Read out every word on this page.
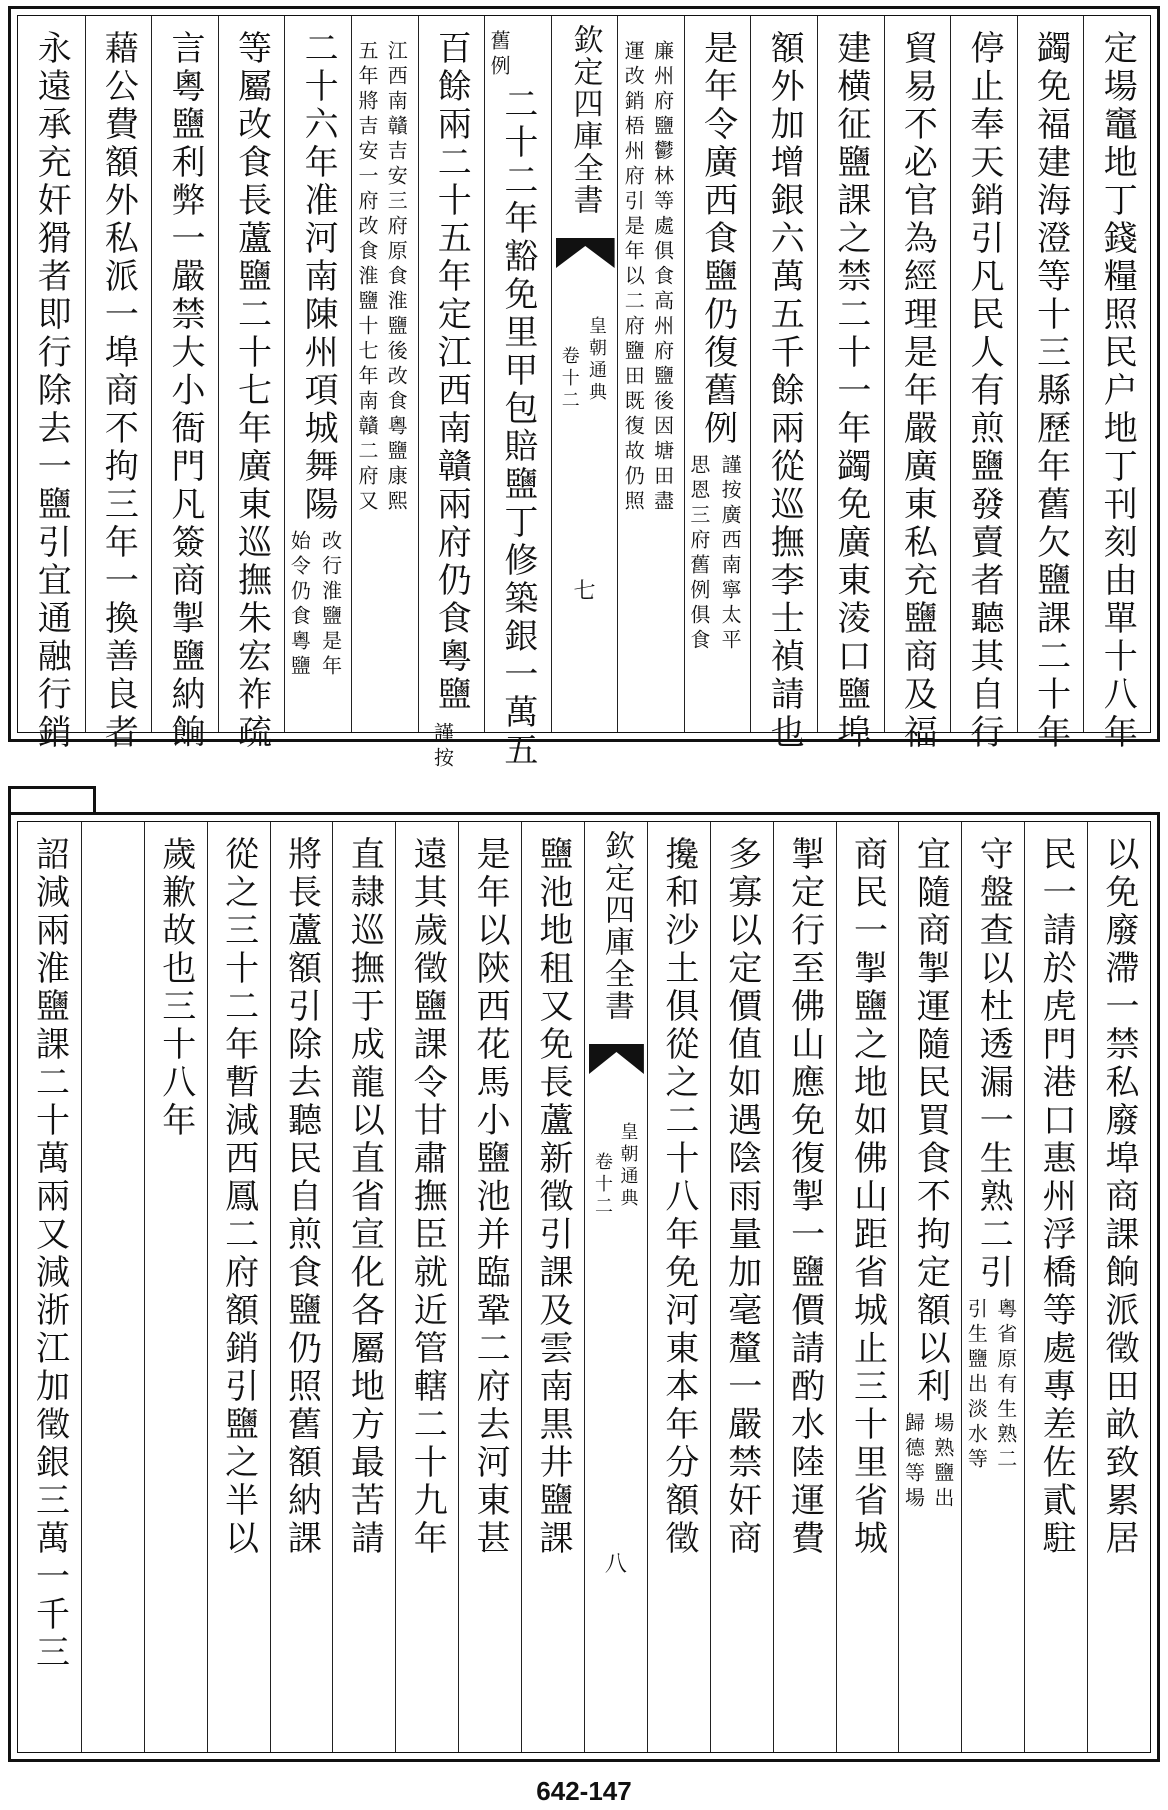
定場竈地丁錢糧照民户地丁刊刻由單十八年
蠲免福建海澄等十三縣歷年舊欠鹽課二十年
停止奉天銷引凡民人有煎鹽發賣者聽其自行
貿易不必官為經理是年嚴廣東私充鹽商及福
建横征鹽課之禁二十一年蠲免廣東淩口鹽埠
額外加增銀六萬五千餘兩從巡撫李士禎請也
是年令廣西食鹽仍復舊例
謹按廣西南寧太平
思恩三府舊例俱食
廉州府鹽鬱林等處俱食高州府鹽後因塘田盡
運改銷梧州府引是年以二府鹽田既復故仍照
欽定四庫全書
皇朝通典
卷十二
七
二十二年豁免里甲包賠鹽丁修築銀一萬五
舊例
百餘兩二十五年定江西南贛兩府仍食粵鹽
謹按
江西南贛吉安三府原食淮鹽後改食粵鹽康熙
五年將吉安一府改食淮鹽十七年南贛二府又
二十六年准河南陳州項城舞陽
改行淮鹽是年
始令仍食粵鹽
等屬改食長蘆鹽二十七年廣東巡撫朱宏祚疏
言粵鹽利弊一嚴禁大小衙門凡簽商掣鹽納餉
藉公費額外私派一埠商不拘三年一換善良者
永遠承充奸猾者即行除去一鹽引宜通融行銷
以免廢滯一禁私廢埠商課餉派徵田畝致累居
民一請於虎門港口惠州浮橋等處專差佐貳駐
守盤查以杜透漏一生熟二引
粵省原有生熟二
引生鹽出淡水等
宜隨商掣運隨民買食不拘定額以利
場熟鹽出
歸德等場
商民一掣鹽之地如佛山距省城止三十里省城
掣定行至佛山應免復掣一鹽價請酌水陸運費
多寡以定價值如遇陰雨量加毫釐一嚴禁奸商
攙和沙土俱從之二十八年免河東本年分額徵
欽定四庫全書
皇朝通典
卷十二
八
鹽池地租又免長蘆新徵引課及雲南黒井鹽課
是年以陝西花馬小鹽池并臨鞏二府去河東甚
遠其歲徵鹽課令甘肅撫臣就近管轄二十九年
直隷巡撫于成龍以直省宣化各屬地方最苦請
將長蘆額引除去聽民自煎食鹽仍照舊額納課
從之三十二年暫減西鳳二府額銷引鹽之半以
歲歉故也三十八年
詔減兩淮鹽課二十萬兩又減浙江加徵銀三萬一千三
642-147
